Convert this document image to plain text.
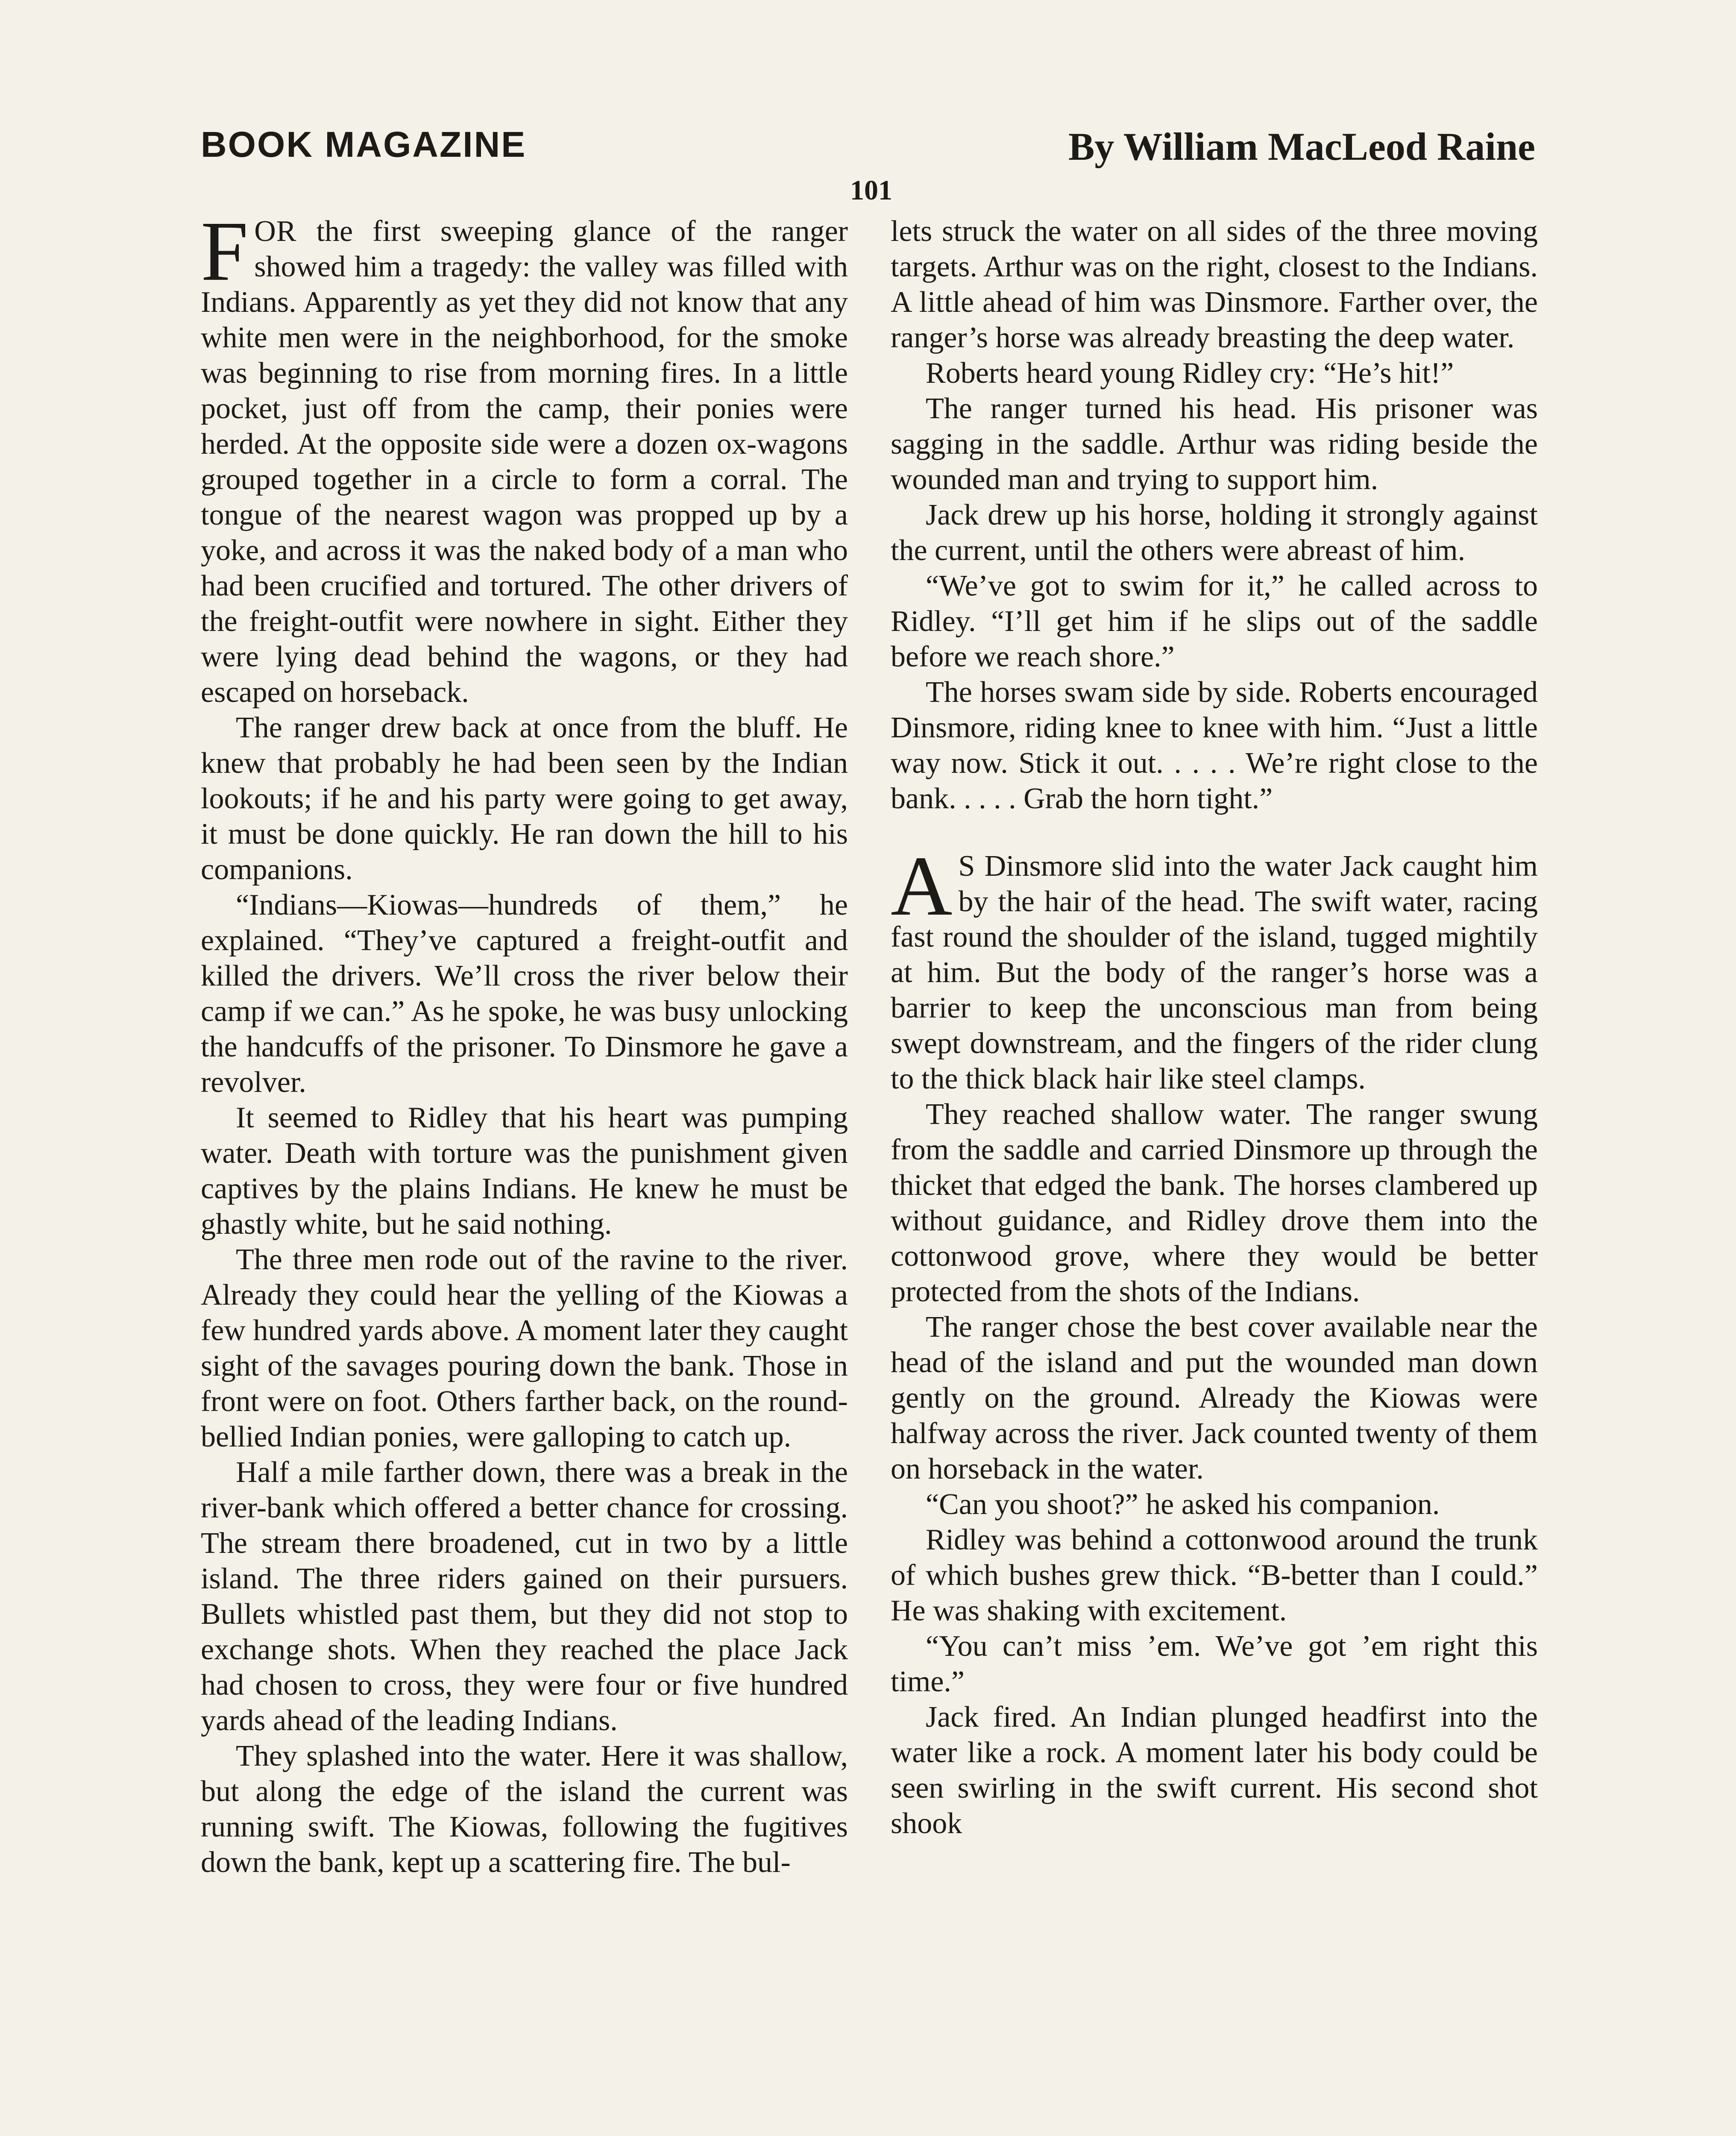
BOOK MAGAZINE	By William MacLeod Raine
101

FOR the first sweeping glance of the ranger showed him a tragedy: the valley was filled with Indians. Apparently as yet they did not know that any white men were in the neighborhood, for the smoke was beginning to rise from morning fires. In a little pocket, just off from the camp, their ponies were herded. At the opposite side were a dozen ox-wagons grouped together in a circle to form a corral. The tongue of the nearest wagon was propped up by a yoke, and across it was the naked body of a man who had been crucified and tortured. The other drivers of the freight-outfit were nowhere in sight. Either they were lying dead behind the wagons, or they had escaped on horseback.

The ranger drew back at once from the bluff. He knew that probably he had been seen by the Indian lookouts; if he and his party were going to get away, it must be done quickly. He ran down the hill to his companions.

“Indians—Kiowas—hundreds of them,” he explained. “They’ve captured a freight-outfit and killed the drivers. We’ll cross the river below their camp if we can.” As he spoke, he was busy unlocking the handcuffs of the prisoner. To Dinsmore he gave a revolver.

It seemed to Ridley that his heart was pumping water. Death with torture was the punishment given captives by the plains Indians. He knew he must be ghastly white, but he said nothing.

The three men rode out of the ravine to the river. Already they could hear the yelling of the Kiowas a few hundred yards above. A moment later they caught sight of the savages pouring down the bank. Those in front were on foot. Others farther back, on the round-bellied Indian ponies, were galloping to catch up.

Half a mile farther down, there was a break in the river-bank which offered a better chance for crossing. The stream there broadened, cut in two by a little island. The three riders gained on their pursuers. Bullets whistled past them, but they did not stop to exchange shots. When they reached the place Jack had chosen to cross, they were four or five hundred yards ahead of the leading Indians.

They splashed into the water. Here it was shallow, but along the edge of the island the current was running swift. The Kiowas, following the fugitives down the bank, kept up a scattering fire. The bul-

lets struck the water on all sides of the three moving targets. Arthur was on the right, closest to the Indians. A little ahead of him was Dinsmore. Farther over, the ranger’s horse was already breasting the deep water.

Roberts heard young Ridley cry: “He’s hit!”

The ranger turned his head. His prisoner was sagging in the saddle. Arthur was riding beside the wounded man and trying to support him.

Jack drew up his horse, holding it strongly against the current, until the others were abreast of him.

“We’ve got to swim for it,” he called across to Ridley. “I’ll get him if he slips out of the saddle before we reach shore.”

The horses swam side by side. Roberts encouraged Dinsmore, riding knee to knee with him. “Just a little way now. Stick it out. . . . . We’re right close to the bank. . . . . Grab the horn tight.”

A S Dinsmore slid into the water Jack caught him by the hair of the head. The swift water, racing fast round the shoulder of the island, tugged mightily at him. But the body of the ranger’s horse was a barrier to keep the unconscious man from being swept downstream, and the fingers of the rider clung to the thick black hair like steel clamps.

They reached shallow water. The ranger swung from the saddle and carried Dinsmore up through the thicket that edged the bank. The horses clambered up without guidance, and Ridley drove them into the cottonwood grove, where they would be better protected from the shots of the Indians.

The ranger chose the best cover available near the head of the island and put the wounded man down gently on the ground. Already the Kiowas were halfway across the river. Jack counted twenty of them on horseback in the water.

“Can you shoot?” he asked his companion.

Ridley was behind a cottonwood around the trunk of which bushes grew thick. “B-better than I could.” He was shaking with excitement.

“You can’t miss ’em. We’ve got ’em right this time.”

Jack fired. An Indian plunged headfirst into the water like a rock. A moment later his body could be seen swirling in the swift current. His second shot shook
